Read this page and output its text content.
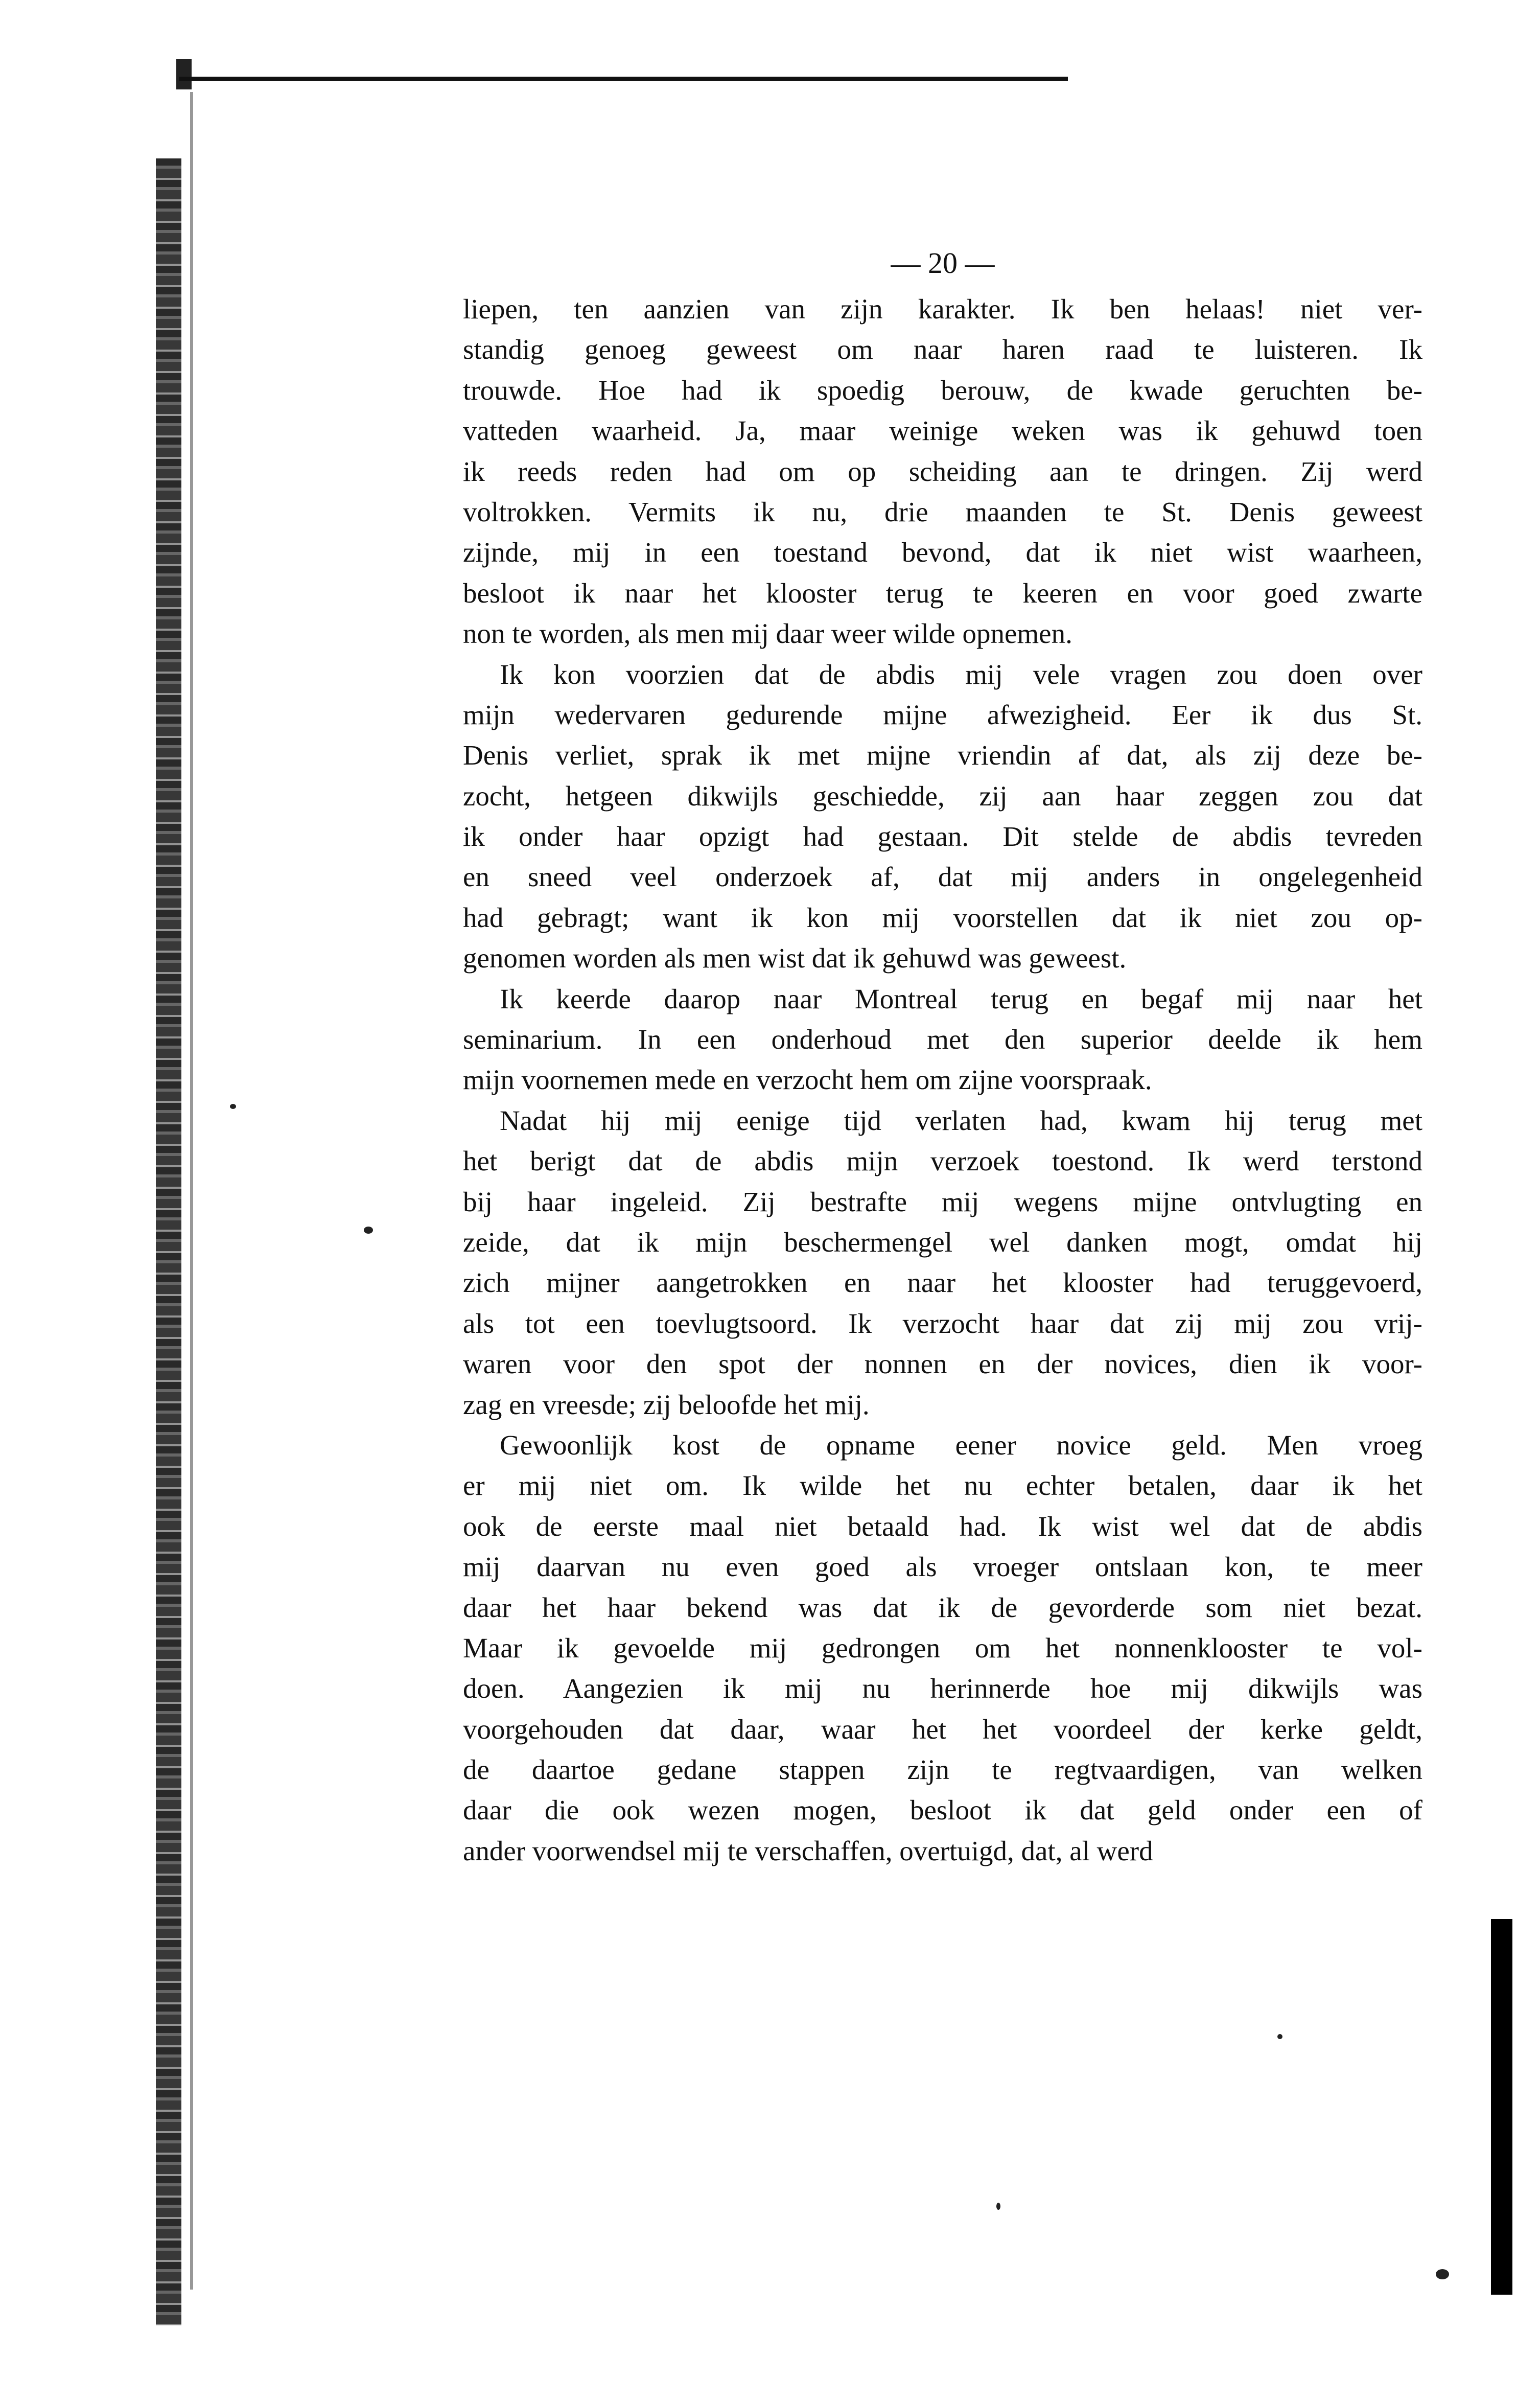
— 20 —
liepen, ten aanzien van zijn karakter. Ik ben helaas! niet ver-
standig genoeg geweest om naar haren raad te luisteren. Ik
trouwde. Hoe had ik spoedig berouw, de kwade geruchten be-
vatteden waarheid. Ja, maar weinige weken was ik gehuwd toen
ik reeds reden had om op scheiding aan te dringen. Zij werd
voltrokken. Vermits ik nu, drie maanden te St. Denis geweest
zijnde, mij in een toestand bevond, dat ik niet wist waarheen,
besloot ik naar het klooster terug te keeren en voor goed zwarte
non te worden, als men mij daar weer wilde opnemen.
Ik kon voorzien dat de abdis mij vele vragen zou doen over
mijn wedervaren gedurende mijne afwezigheid. Eer ik dus St.
Denis verliet, sprak ik met mijne vriendin af dat, als zij deze be-
zocht, hetgeen dikwijls geschiedde, zij aan haar zeggen zou dat
ik onder haar opzigt had gestaan. Dit stelde de abdis tevreden
en sneed veel onderzoek af, dat mij anders in ongelegenheid
had gebragt; want ik kon mij voorstellen dat ik niet zou op-
genomen worden als men wist dat ik gehuwd was geweest.
Ik keerde daarop naar Montreal terug en begaf mij naar het
seminarium. In een onderhoud met den superior deelde ik hem
mijn voornemen mede en verzocht hem om zijne voorspraak.
Nadat hij mij eenige tijd verlaten had, kwam hij terug met
het berigt dat de abdis mijn verzoek toestond. Ik werd terstond
bij haar ingeleid. Zij bestrafte mij wegens mijne ontvlugting en
zeide, dat ik mijn beschermengel wel danken mogt, omdat hij
zich mijner aangetrokken en naar het klooster had teruggevoerd,
als tot een toevlugtsoord. Ik verzocht haar dat zij mij zou vrij-
waren voor den spot der nonnen en der novices, dien ik voor-
zag en vreesde; zij beloofde het mij.
Gewoonlijk kost de opname eener novice geld. Men vroeg
er mij niet om. Ik wilde het nu echter betalen, daar ik het
ook de eerste maal niet betaald had. Ik wist wel dat de abdis
mij daarvan nu even goed als vroeger ontslaan kon, te meer
daar het haar bekend was dat ik de gevorderde som niet bezat.
Maar ik gevoelde mij gedrongen om het nonnenklooster te vol-
doen. Aangezien ik mij nu herinnerde hoe mij dikwijls was
voorgehouden dat daar, waar het het voordeel der kerke geldt,
de daartoe gedane stappen zijn te regtvaardigen, van welken
daar die ook wezen mogen, besloot ik dat geld onder een of
ander voorwendsel mij te verschaffen, overtuigd, dat, al werd
